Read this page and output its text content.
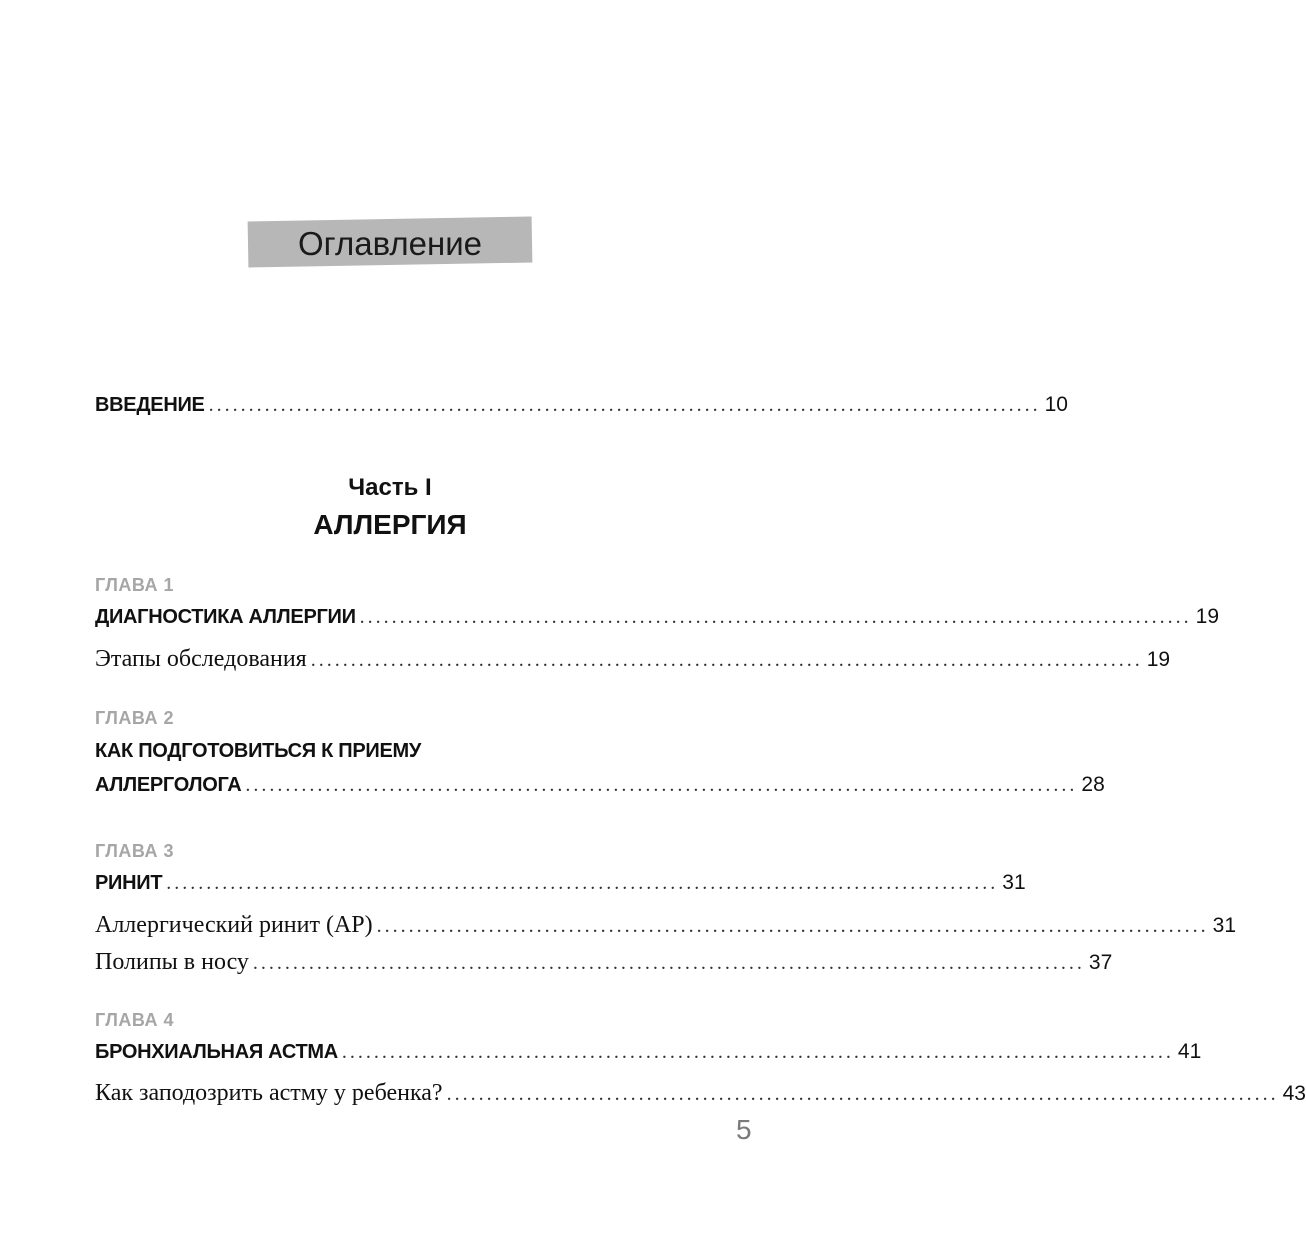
Оглавление
ВВЕДЕНИЕ ........................................................................................................ 10
Часть I
АЛЛЕРГИЯ
ГЛАВА 1
ДИАГНОСТИКА АЛЛЕРГИИ ........................................................................................................ 19
Этапы обследования ........................................................................................................ 19
ГЛАВА 2
КАК ПОДГОТОВИТЬСЯ К ПРИЕМУ
АЛЛЕРГОЛОГА ........................................................................................................ 28
ГЛАВА 3
РИНИТ ........................................................................................................ 31
Аллергический ринит (АР) ........................................................................................................ 31
Полипы в носу ........................................................................................................ 37
ГЛАВА 4
БРОНХИАЛЬНАЯ АСТМА ........................................................................................................ 41
Как заподозрить астму у ребенка? ........................................................................................................ 43
5
